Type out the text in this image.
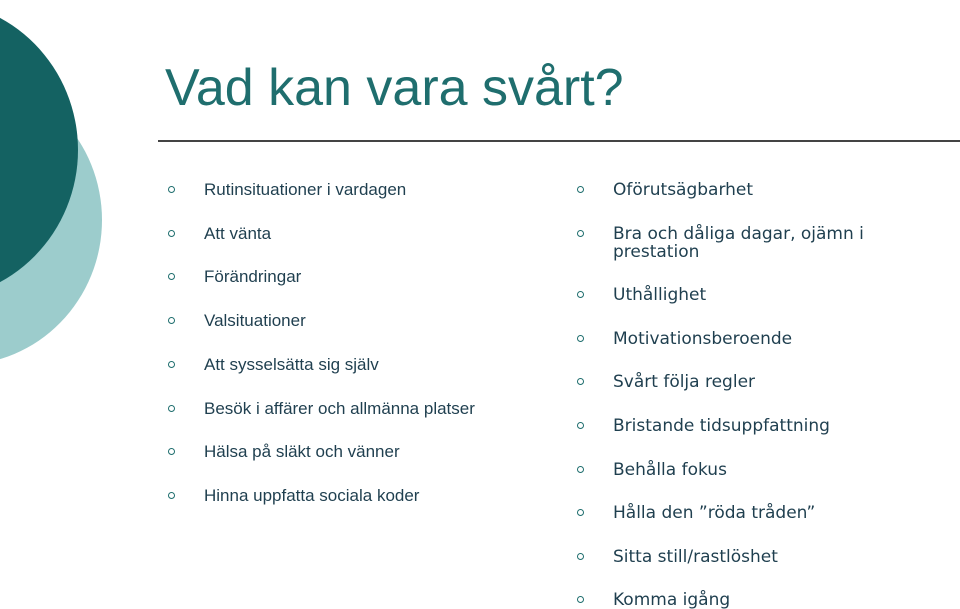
Vad kan vara svårt?
Rutinsituationer i vardagen
Att vänta
Förändringar
Valsituationer
Att sysselsätta sig själv
Besök i affärer och allmänna platser
Hälsa på släkt och vänner
Hinna uppfatta sociala koder
Oförutsägbarhet
Bra och dåliga dagar, ojämn i prestation
Uthållighet
Motivationsberoende
Svårt följa regler
Bristande tidsuppfattning
Behålla fokus
Hålla den ”röda tråden”
Sitta still/rastlöshet
Komma igång
